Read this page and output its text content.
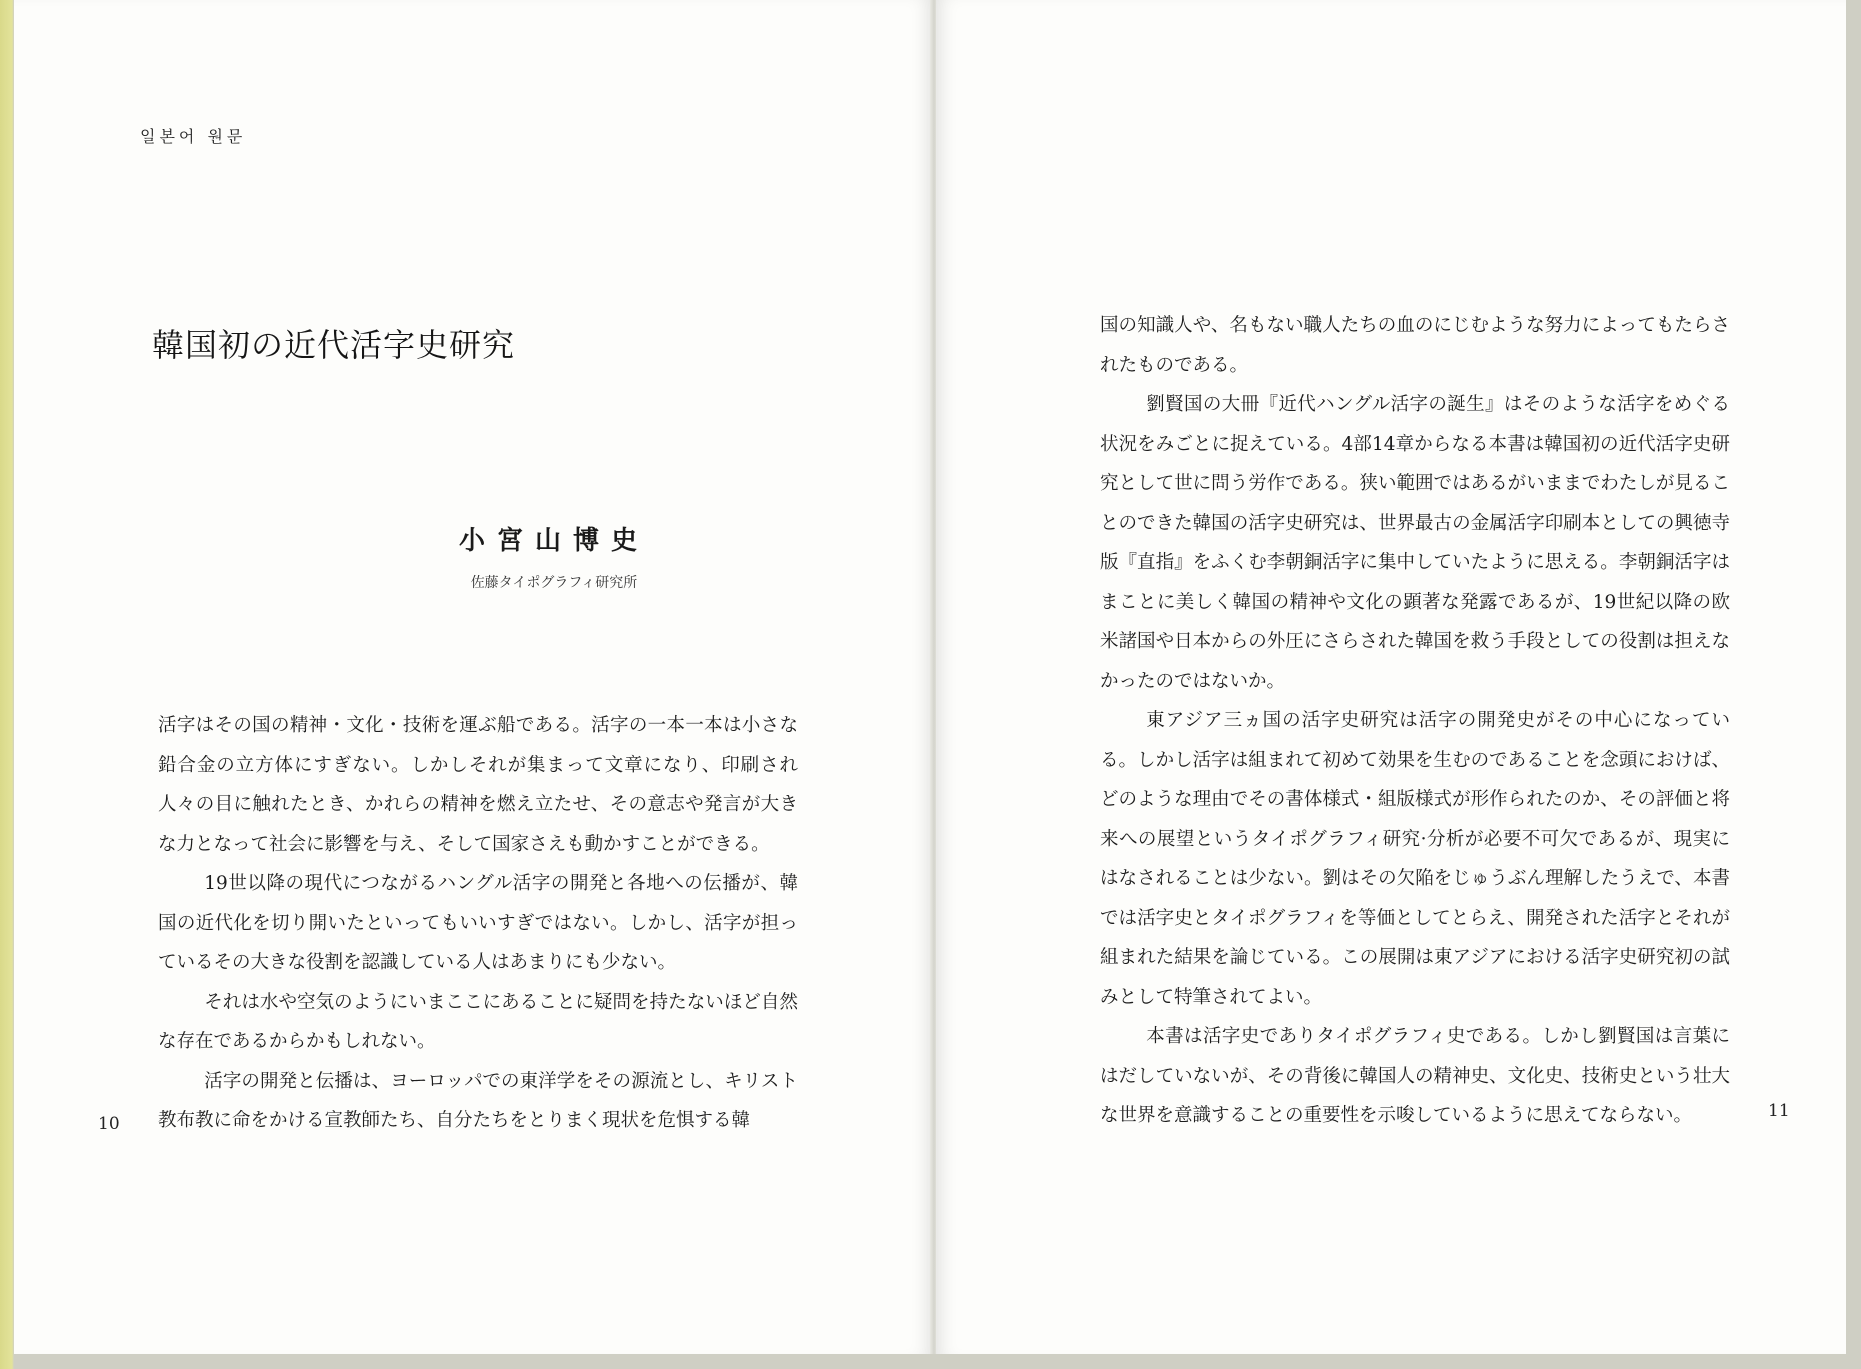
일본어 원문
韓国初の近代活字史研究
小宮山博史
佐藤タイポグラフィ研究所

活字はその国の精神・文化・技術を運ぶ船である。活字の一本一本は小さな鉛合金の立方体にすぎない。しかしそれが集まって文章になり、印刷され人々の目に触れたとき、かれらの精神を燃え立たせ、その意志や発言が大きな力となって社会に影響を与え、そして国家さえも動かすことができる。

19世以降の現代につながるハングル活字の開発と各地への伝播が、韓国の近代化を切り開いたといってもいいすぎではない。しかし、活字が担っているその大きな役割を認識している人はあまりにも少ない。

それは水や空気のようにいまここにあることに疑問を持たないほど自然な存在であるからかもしれない。

活字の開発と伝播は、ヨーロッパでの東洋学をその源流とし、キリスト教布教に命をかける宣教師たち、自分たちをとりまく現状を危惧する韓

10

国の知識人や、名もない職人たちの血のにじむような努力によってもたらされたものである。

劉賢国の大冊『近代ハングル活字の誕生』はそのような活字をめぐる状況をみごとに捉えている。4部14章からなる本書は韓国初の近代活字史研究として世に問う労作である。狭い範囲ではあるがいままでわたしが見ることのできた韓国の活字史研究は、世界最古の金属活字印刷本としての興徳寺版『直指』をふくむ李朝銅活字に集中していたように思える。李朝銅活字はまことに美しく韓国の精神や文化の顕著な発露であるが、19世紀以降の欧米諸国や日本からの外圧にさらされた韓国を救う手段としての役割は担えなかったのではないか。

東アジア三ヵ国の活字史研究は活字の開発史がその中心になっている。しかし活字は組まれて初めて効果を生むのであることを念頭におけば、どのような理由でその書体様式・組版様式が形作られたのか、その評価と将来への展望というタイポグラフィ研究·分析が必要不可欠であるが、現実にはなされることは少ない。劉はその欠陥をじゅうぶん理解したうえで、本書では活字史とタイポグラフィを等価としてとらえ、開発された活字とそれが組まれた結果を論じている。この展開は東アジアにおける活字史研究初の試みとして特筆されてよい。

本書は活字史でありタイポグラフィ史である。しかし劉賢国は言葉にはだしていないが、その背後に韓国人の精神史、文化史、技術史という壮大な世界を意識することの重要性を示唆しているように思えてならない。	11
